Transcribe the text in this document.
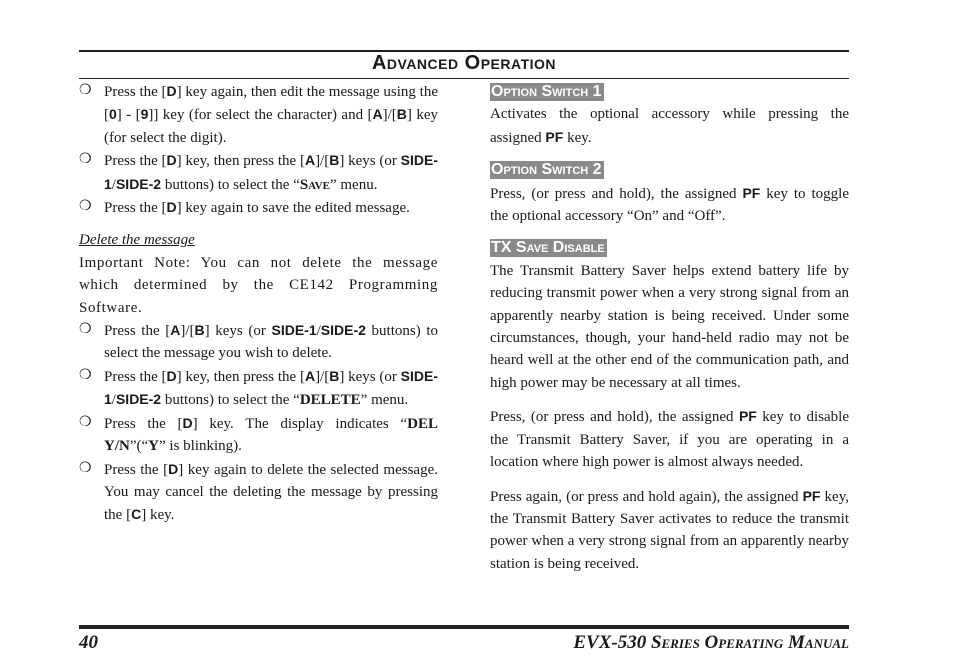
Advanced Operation

❍ Press the [D] key again, then edit the message using the [0] - [9]] key (for select the character) and [A]/[B] key (for select the digit).

❍ Press the [D] key, then press the [A]/[B] keys (or SIDE-1/SIDE-2 buttons) to select the “Save” menu.

❍ Press the [D] key again to save the edited message.

Delete the message

Important Note: You can not delete the message which determined by the CE142 Programming Software.

❍ Press the [A]/[B] keys (or SIDE-1/SIDE-2 buttons) to select the message you wish to delete.

❍ Press the [D] key, then press the [A]/[B] keys (or SIDE-1/SIDE-2 buttons) to select the “DELETE” menu.

❍ Press the [D] key. The display indicates “DEL Y/N”(“Y” is blinking).

❍ Press the [D] key again to delete the selected message. You may cancel the deleting the message by pressing the [C] key.

Option Switch 1

Activates the optional accessory while pressing the assigned PF key.

Option Switch 2

Press, (or press and hold), the assigned PF key to toggle the optional accessory “On” and “Off”.

TX Save Disable

The Transmit Battery Saver helps extend battery life by reducing transmit power when a very strong signal from an apparently nearby station is being received. Under some circumstances, though, your hand-held radio may not be heard well at the other end of the communication path, and high power may be necessary at all times.

Press, (or press and hold), the assigned PF key to disable the Transmit Battery Saver, if you are operating in a location where high power is almost always needed.

Press again, (or press and hold again), the assigned PF key, the Transmit Battery Saver activates to reduce the transmit power when a very strong signal from an apparently nearby station is being received.

40	EVX-530 Series Operating Manual
